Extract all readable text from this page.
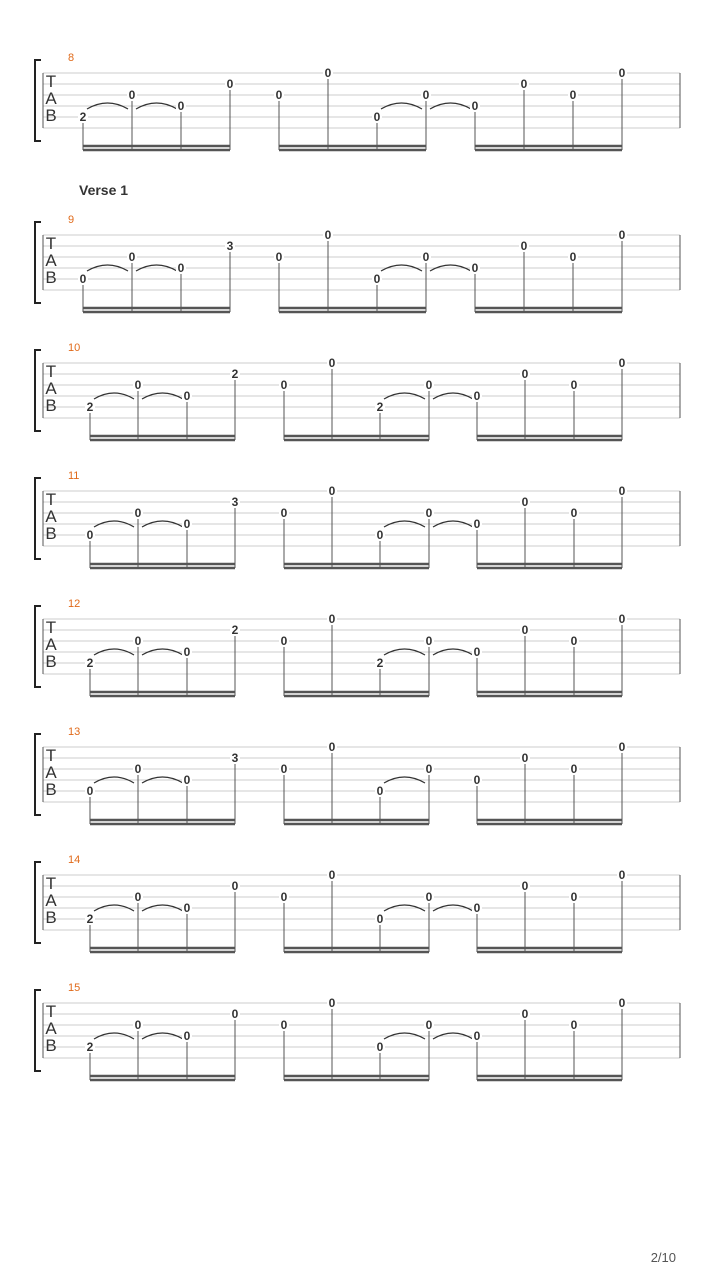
T
A
B
8
2
0
0
0
0
0
0
0
0
0
0
0
T
A
B
9
0
0
0
3
0
0
0
0
0
0
0
0
T
A
B
10
2
0
0
2
0
0
2
0
0
0
0
0
T
A
B
11
0
0
0
3
0
0
0
0
0
0
0
0
T
A
B
12
2
0
0
2
0
0
2
0
0
0
0
0
T
A
B
13
0
0
0
3
0
0
0
0
0
0
0
0
T
A
B
14
2
0
0
0
0
0
0
0
0
0
0
0
T
A
B
15
2
0
0
0
0
0
0
0
0
0
0
0
Verse 1
2/10
